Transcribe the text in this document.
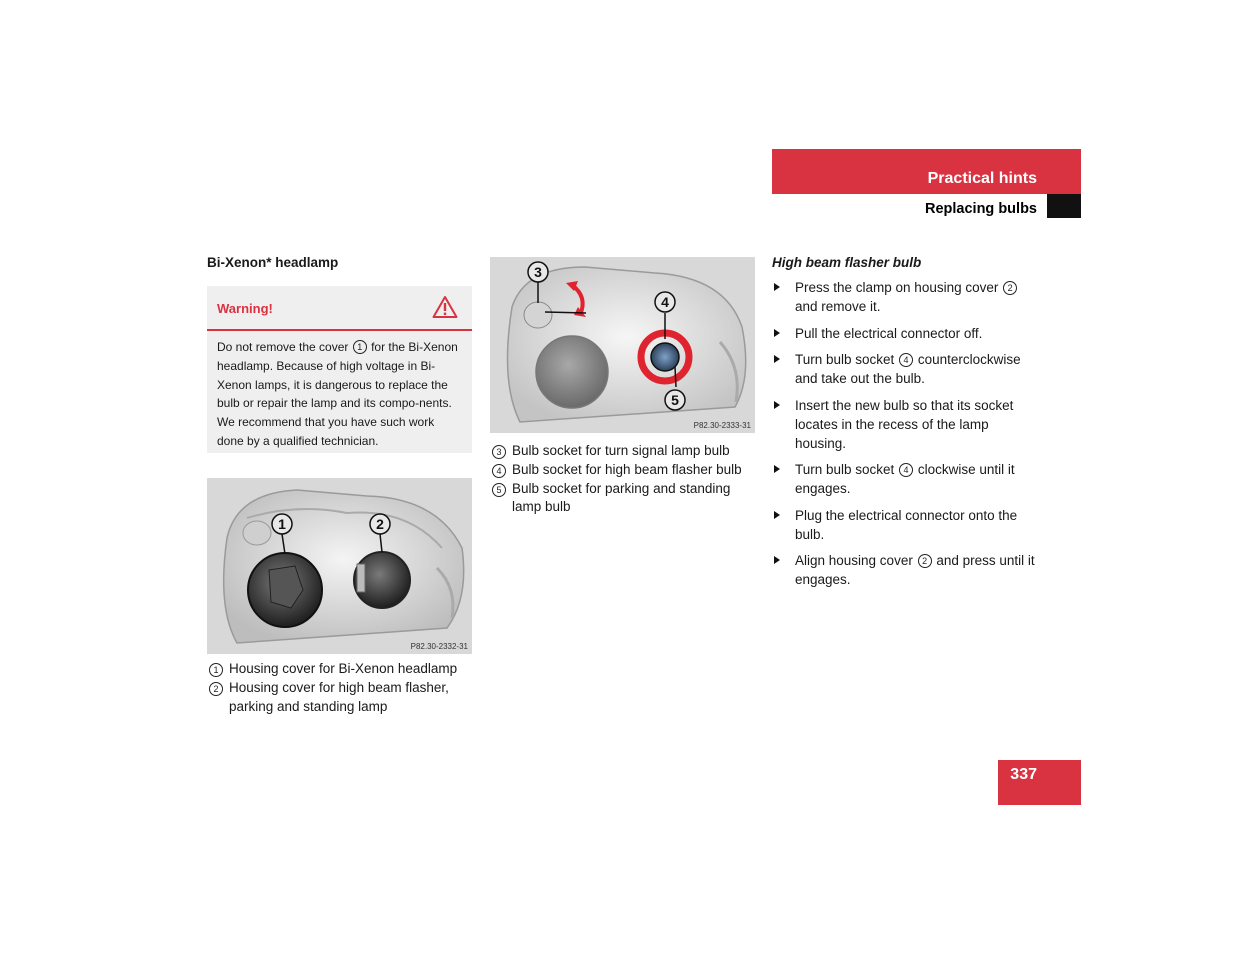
Practical hints
Replacing bulbs
Bi-Xenon* headlamp
Warning!
Do not remove the cover 1 for the Bi-Xenon headlamp. Because of high voltage in Bi-Xenon lamps, it is dangerous to replace the bulb or repair the lamp and its compo-nents. We recommend that you have such work done by a qualified technician.
1	2
P82.30-2332-31
1 Housing cover for Bi-Xenon headlamp
2 Housing cover for high beam flasher, parking and standing lamp
3
4
5
P82.30-2333-31
3 Bulb socket for turn signal lamp bulb
4 Bulb socket for high beam flasher bulb
5 Bulb socket for parking and standing lamp bulb
High beam flasher bulb
Press the clamp on housing cover 2 and remove it.
Pull the electrical connector off.
Turn bulb socket 4 counterclockwise and take out the bulb.
Insert the new bulb so that its socket locates in the recess of the lamp housing.
Turn bulb socket 4 clockwise until it engages.
Plug the electrical connector onto the bulb.
Align housing cover 2 and press until it engages.
337
